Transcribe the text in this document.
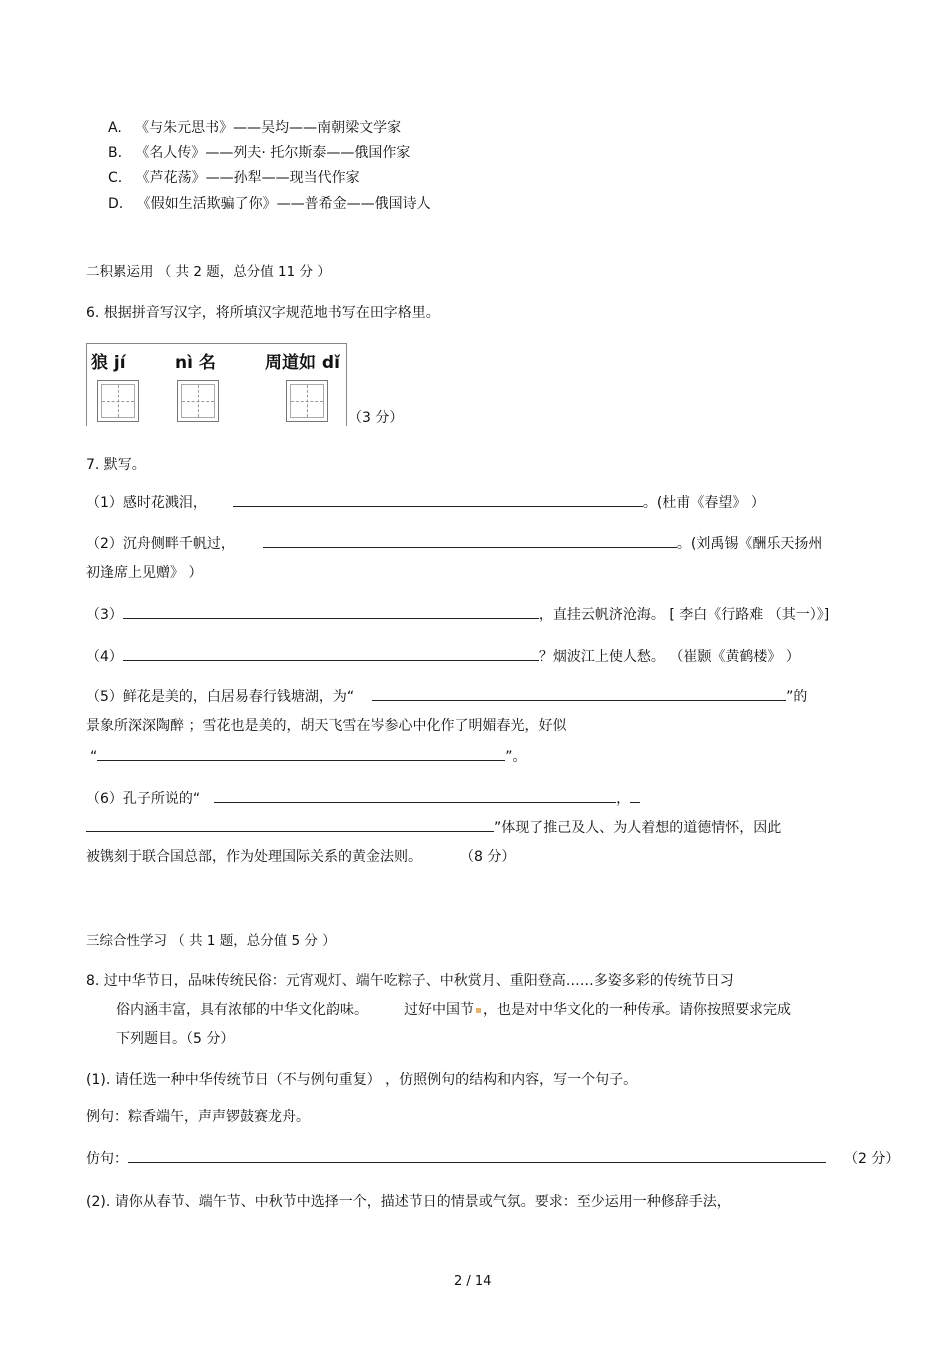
A. 《与朱元思书》——吴均——南朝梁文学家
B. 《名人传》——列夫· 托尔斯泰——俄国作家
C. 《芦花荡》——孙犁——现当代作家
D. 《假如生活欺骗了你》——普希金——俄国诗人
二积累运用 （ 共 2 题，总分值 11 分 ）
6. 根据拼音写汉字，将所填汉字规范地书写在田字格里。
狼 jí	nì 名	周道如 dǐ
（3 分）
7. 默写。
（1）感时花溅泪，	。(杜甫《春望》 ）
（2）沉舟侧畔千帆过，	。(刘禹锡《酬乐天扬州
初逢席上见赠》 ）
（3）	，直挂云帆济沧海。 [ 李白《行路难 （其一）》]
（4）	？烟波江上使人愁。 （崔颢《黄鹤楼》 ）
（5）鲜花是美的，白居易春行钱塘湖，为“	”的
景象所深深陶醉 ；雪花也是美的，胡天飞雪在岑参心中化作了明媚春光，好似
“	”。
（6）孔子所说的“	，
”体现了推己及人、为人着想的道德情怀，因此
被镌刻于联合国总部，作为处理国际关系的黄金法则。	（8 分）
三综合性学习 （ 共 1 题，总分值 5 分 ）
8. 过中华节日，品味传统民俗：元宵观灯、端午吃粽子、中秋赏月、重阳登高……多姿多彩的传统节日习
俗内涵丰富，具有浓郁的中华文化韵味。	过好中国节 ，也是对中华文化的一种传承。请你按照要求完成
下列题目。（5 分）
(1). 请任选一种中华传统节日（不与例句重复） ，仿照例句的结构和内容，写一个句子。
例句：粽香端午，声声锣鼓赛龙舟。
仿句：	（2 分）
(2). 请你从春节、端午节、中秋节中选择一个，描述节日的情景或气氛。要求：至少运用一种修辞手法，
2 / 14
